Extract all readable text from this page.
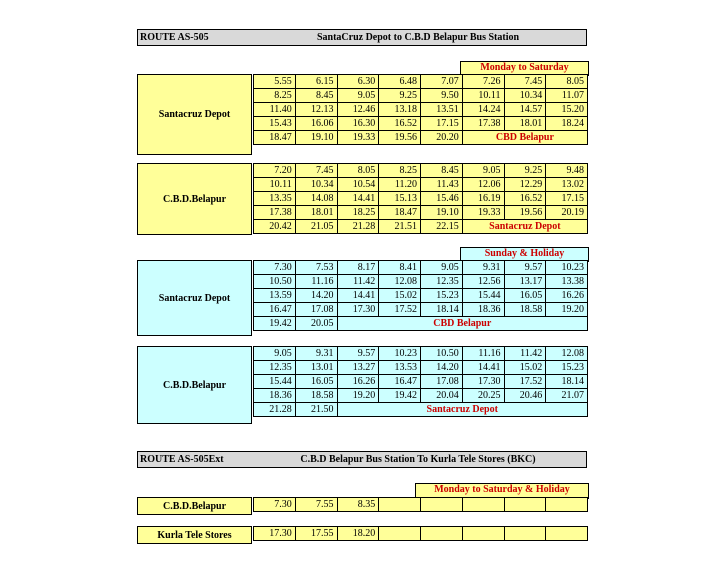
ROUTE AS-505	SantaCruz Depot to C.B.D Belapur Bus Station
Monday to Saturday
Santacruz Depot
5.55	6.15	6.30	6.48	7.07	7.26	7.45	8.05
8.25	8.45	9.05	9.25	9.50	10.11	10.34	11.07
11.40	12.13	12.46	13.18	13.51	14.24	14.57	15.20
15.43	16.06	16.30	16.52	17.15	17.38	18.01	18.24
18.47	19.10	19.33	19.56	20.20	CBD Belapur		
C.B.D.Belapur
7.20	7.45	8.05	8.25	8.45	9.05	9.25	9.48
10.11	10.34	10.54	11.20	11.43	12.06	12.29	13.02
13.35	14.08	14.41	15.13	15.46	16.19	16.52	17.15
17.38	18.01	18.25	18.47	19.10	19.33	19.56	20.19
20.42	21.05	21.28	21.51	22.15	Santacruz Depot		
Sunday & Holiday
Santacruz Depot
7.30	7.53	8.17	8.41	9.05	9.31	9.57	10.23
10.50	11.16	11.42	12.08	12.35	12.56	13.17	13.38
13.59	14.20	14.41	15.02	15.23	15.44	16.05	16.26
16.47	17.08	17.30	17.52	18.14	18.36	18.58	19.20
19.42	20.05	CBD Belapur					
C.B.D.Belapur
9.05	9.31	9.57	10.23	10.50	11.16	11.42	12.08
12.35	13.01	13.27	13.53	14.20	14.41	15.02	15.23
15.44	16.05	16.26	16.47	17.08	17.30	17.52	18.14
18.36	18.58	19.20	19.42	20.04	20.25	20.46	21.07
21.28	21.50	Santacruz Depot					
ROUTE AS-505Ext	C.B.D Belapur Bus Station To Kurla Tele Stores (BKC)
Monday to Saturday & Holiday
C.B.D.Belapur	7.30	7.55	8.35					
Kurla Tele Stores	17.30	17.55	18.20					
